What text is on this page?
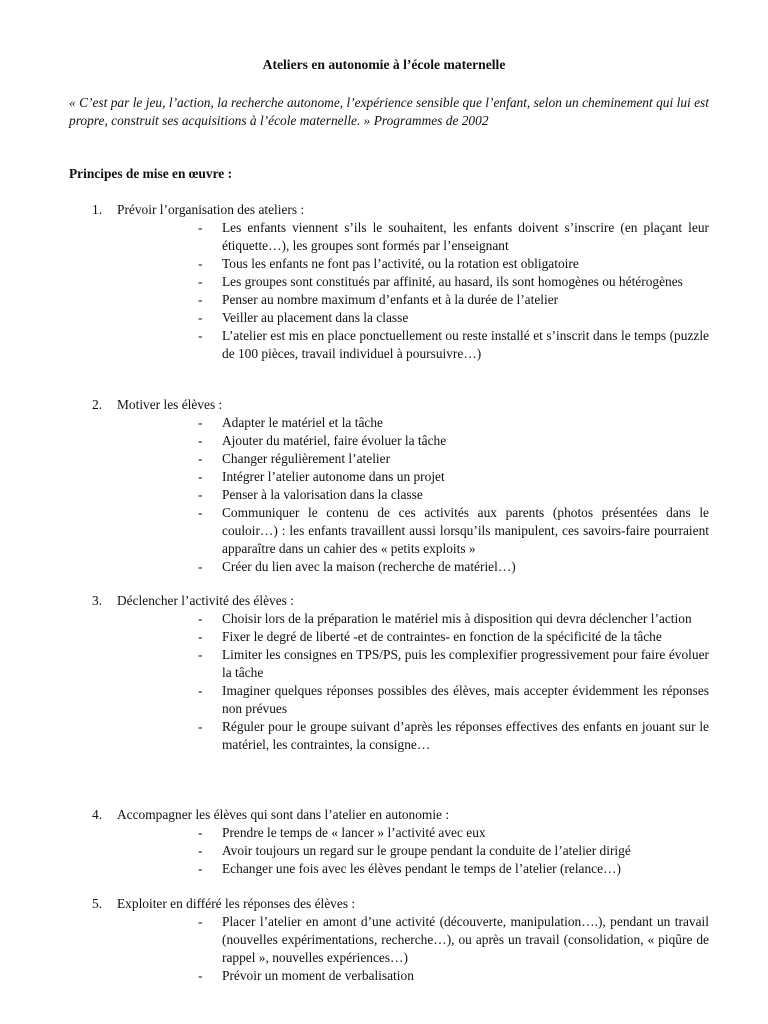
Ateliers en autonomie à l’école maternelle
« C’est par le jeu, l’action, la recherche autonome, l’expérience sensible que l’enfant, selon un cheminement qui lui est propre, construit ses acquisitions à l’école maternelle. » Programmes de 2002
Principes de mise en œuvre :
1. Prévoir l’organisation des ateliers :
- Les enfants viennent s’ils le souhaitent, les enfants doivent s’inscrire (en plaçant leur étiquette…), les groupes sont formés par l’enseignant
- Tous les enfants ne font pas l’activité, ou la rotation est obligatoire
- Les groupes sont constitués par affinité, au hasard, ils sont homogènes ou hétérogènes
- Penser au nombre maximum d’enfants et à la durée de l’atelier
- Veiller au placement dans la classe
- L’atelier est mis en place ponctuellement ou reste installé et s’inscrit dans le temps (puzzle de 100 pièces, travail individuel à poursuivre…)
2. Motiver les élèves :
- Adapter le matériel et la tâche
- Ajouter du matériel, faire évoluer la tâche
- Changer régulièrement l’atelier
- Intégrer l’atelier autonome dans un projet
- Penser à la valorisation dans la classe
- Communiquer le contenu de ces activités aux parents (photos présentées dans le couloir…) : les enfants travaillent aussi lorsqu’ils manipulent, ces savoirs-faire pourraient apparaître dans un cahier des « petits exploits »
- Créer du lien avec la maison (recherche de matériel…)
3. Déclencher l’activité des élèves :
- Choisir lors de la préparation le matériel mis à disposition qui devra déclencher l’action
- Fixer le degré de liberté -et de contraintes- en fonction de la spécificité de la tâche
- Limiter les consignes en TPS/PS, puis les complexifier progressivement pour faire évoluer la tâche
- Imaginer quelques réponses possibles des élèves, mais accepter évidemment les réponses non prévues
- Réguler pour le groupe suivant d’après les réponses effectives des enfants en jouant sur le matériel, les contraintes, la consigne…
4. Accompagner les élèves qui sont dans l’atelier en autonomie :
- Prendre le temps de « lancer » l’activité avec eux
- Avoir toujours un regard sur le groupe pendant la conduite de l’atelier dirigé
- Echanger une fois avec les élèves pendant le temps de l’atelier (relance…)
5. Exploiter en différé les réponses des élèves :
- Placer l’atelier en amont d’une activité (découverte, manipulation….), pendant un travail (nouvelles expérimentations, recherche…), ou après un travail (consolidation, « piqûre de rappel », nouvelles expériences…)
- Prévoir un moment de verbalisation
